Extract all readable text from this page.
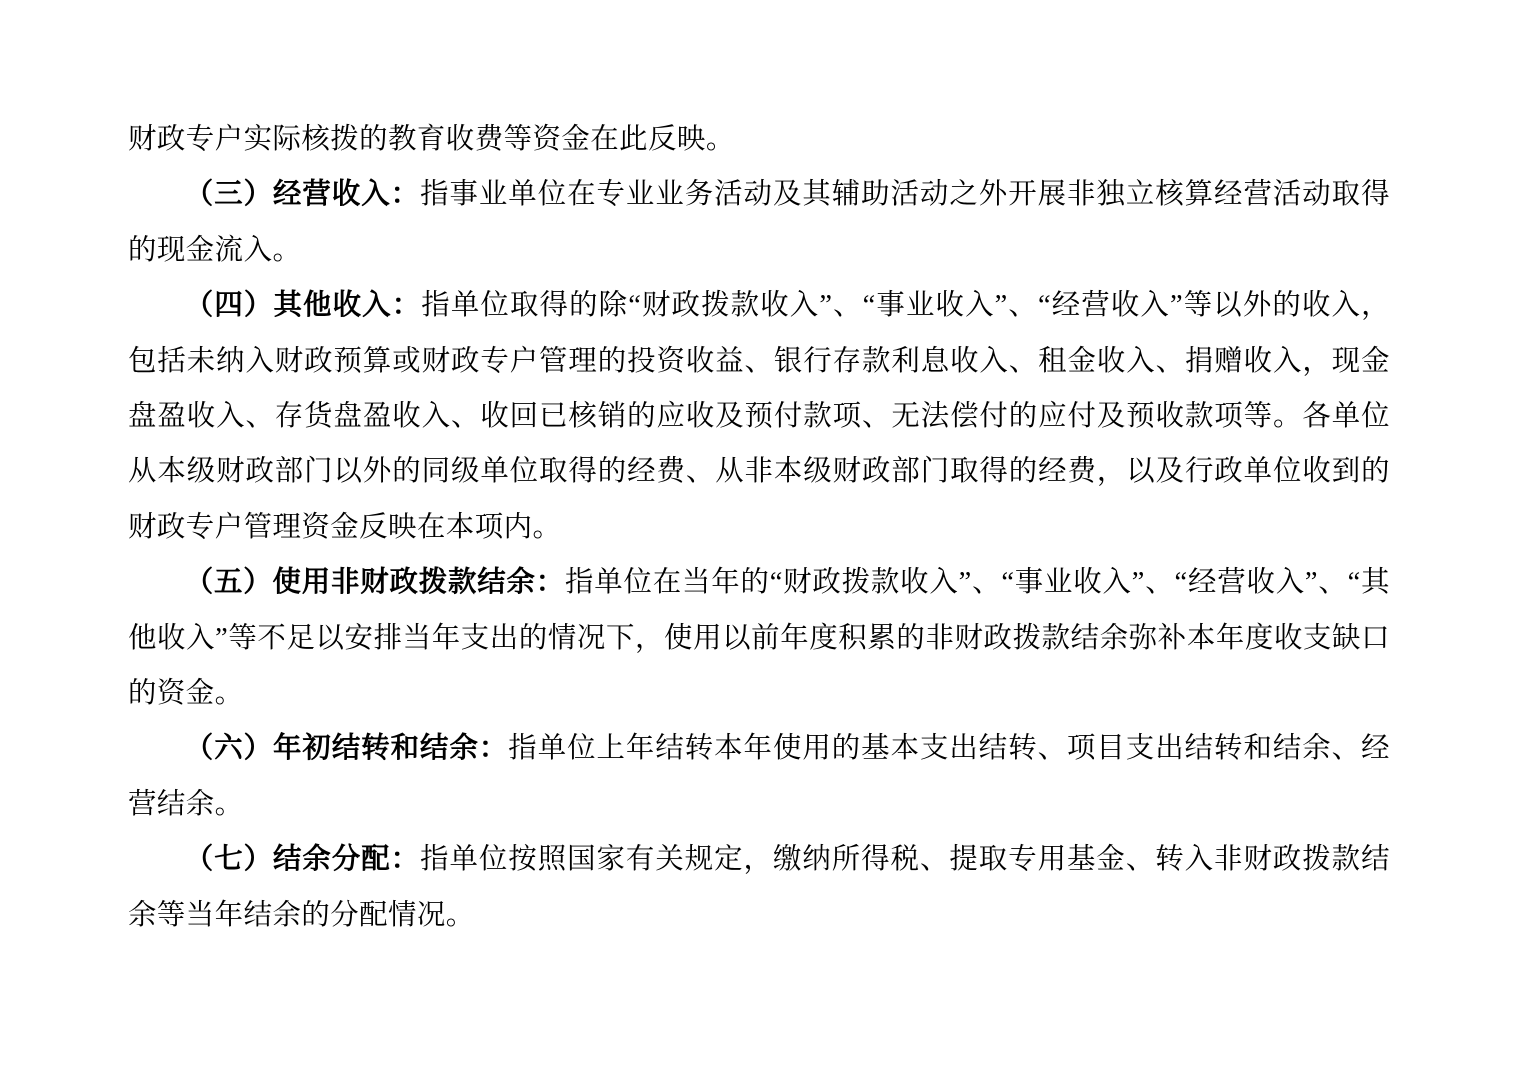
财政专户实际核拨的教育收费等资金在此反映。

（三）经营收入：指事业单位在专业业务活动及其辅助活动之外开展非独立核算经营活动取得的现金流入。

（四）其他收入：指单位取得的除“财政拨款收入”、“事业收入”、“经营收入”等以外的收入，包括未纳入财政预算或财政专户管理的投资收益、银行存款利息收入、租金收入、捐赠收入，现金盘盈收入、存货盘盈收入、收回已核销的应收及预付款项、无法偿付的应付及预收款项等。各单位从本级财政部门以外的同级单位取得的经费、从非本级财政部门取得的经费，以及行政单位收到的财政专户管理资金反映在本项内。

（五）使用非财政拨款结余：指单位在当年的“财政拨款收入”、“事业收入”、“经营收入”、“其他收入”等不足以安排当年支出的情况下，使用以前年度积累的非财政拨款结余弥补本年度收支缺口的资金。

（六）年初结转和结余：指单位上年结转本年使用的基本支出结转、项目支出结转和结余、经营结余。

（七）结余分配：指单位按照国家有关规定，缴纳所得税、提取专用基金、转入非财政拨款结余等当年结余的分配情况。
